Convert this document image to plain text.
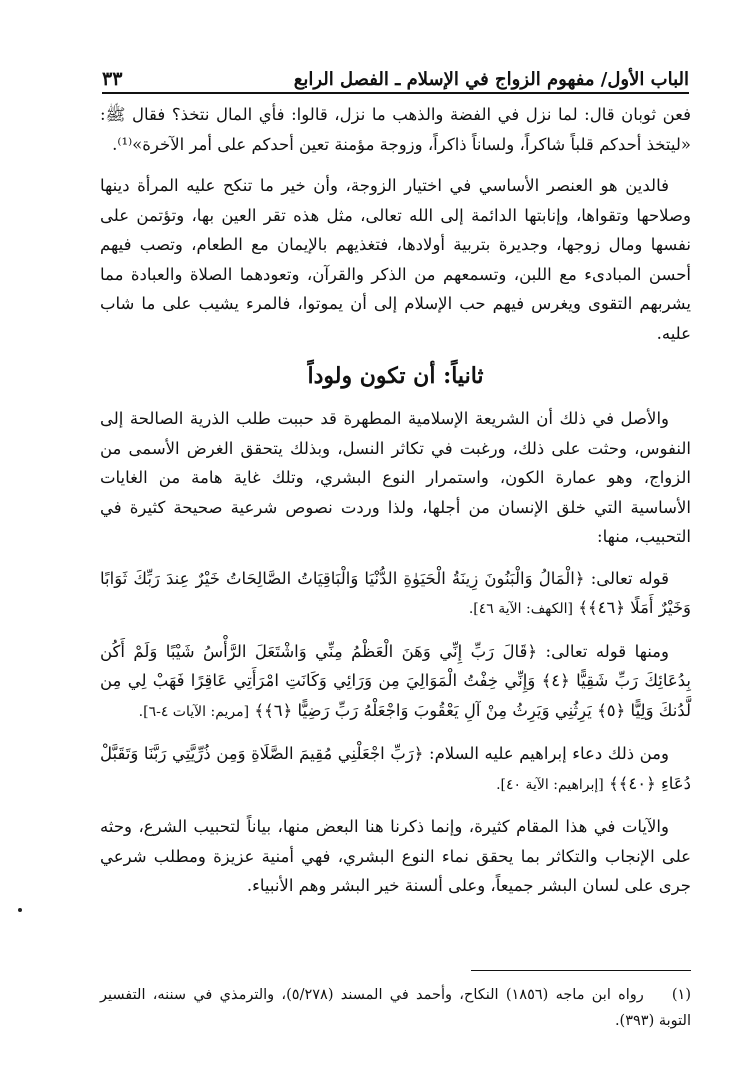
الباب الأول/ مفهوم الزواج في الإسلام ـ الفصل الرابع
٣٣

فعن ثوبان قال: لما نزل في الفضة والذهب ما نزل، قالوا: فأي المال نتخذ؟ فقال ﷺ: «ليتخذ أحدكم قلباً شاكراً، ولساناً ذاكراً، وزوجة مؤمنة تعين أحدكم على أمر الآخرة»⁽¹⁾.

فالدين هو العنصر الأساسي في اختيار الزوجة، وأن خير ما تنكح عليه المرأة دينها وصلاحها وتقواها، وإنابتها الدائمة إلى الله تعالى، مثل هذه تقر العين بها، وتؤتمن على نفسها ومال زوجها، وجديرة بتربية أولادها، فتغذيهم بالإيمان مع الطعام، وتصب فيهم أحسن المبادىء مع اللبن، وتسمعهم من الذكر والقرآن، وتعودهما الصلاة والعبادة مما يشربهم التقوى ويغرس فيهم حب الإسلام إلى أن يموتوا، فالمرء يشيب على ما شاب عليه.

ثانياً: أن تكون ولوداً

والأصل في ذلك أن الشريعة الإسلامية المطهرة قد حببت طلب الذرية الصالحة إلى النفوس، وحثت على ذلك، ورغبت في تكاثر النسل، وبذلك يتحقق الغرض الأسمى من الزواج، وهو عمارة الكون، واستمرار النوع البشري، وتلك غاية هامة من الغايات الأساسية التي خلق الإنسان من أجلها، ولذا وردت نصوص شرعية صحيحة كثيرة في التحبيب، منها:

قوله تعالى: ﴿الْمَالُ وَالْبَنُونَ زِينَةُ الْحَيَوٰةِ الدُّنْيَا وَالْبَاقِيَاتُ الصَّالِحَاتُ خَيْرٌ عِندَ رَبِّكَ ثَوَابًا وَخَيْرٌ أَمَلًا ﴿٤٦﴾﴾ [الكهف: الآية ٤٦].

ومنها قوله تعالى: ﴿قَالَ رَبِّ إِنِّي وَهَنَ الْعَظْمُ مِنِّي وَاشْتَعَلَ الرَّأْسُ شَيْبًا وَلَمْ أَكُن بِدُعَائِكَ رَبِّ شَقِيًّا ﴿٤﴾ وَإِنِّي خِفْتُ الْمَوَالِيَ مِن وَرَائِي وَكَانَتِ امْرَأَتِي عَاقِرًا فَهَبْ لِي مِن لَّدُنكَ وَلِيًّا ﴿٥﴾ يَرِثُنِي وَيَرِثُ مِنْ آلِ يَعْقُوبَ وَاجْعَلْهُ رَبِّ رَضِيًّا ﴿٦﴾﴾ [مريم: الآيات ٤-٦].

ومن ذلك دعاء إبراهيم عليه السلام: ﴿رَبِّ اجْعَلْنِي مُقِيمَ الصَّلَاةِ وَمِن ذُرِّيَّتِي رَبَّنَا وَتَقَبَّلْ دُعَاءِ ﴿٤٠﴾﴾ [إبراهيم: الآية ٤٠].

والآيات في هذا المقام كثيرة، وإنما ذكرنا هنا البعض منها، بياناً لتحبيب الشرع، وحثه على الإنجاب والتكاثر بما يحقق نماء النوع البشري، فهي أمنية عزيزة ومطلب شرعي جرى على لسان البشر جميعاً، وعلى ألسنة خير البشر وهم الأنبياء.

(١) رواه ابن ماجه (١٨٥٦) النكاح، وأحمد في المسند (٥/٢٧٨)، والترمذي في سننه، التفسير التوبة (٣٩٣).
